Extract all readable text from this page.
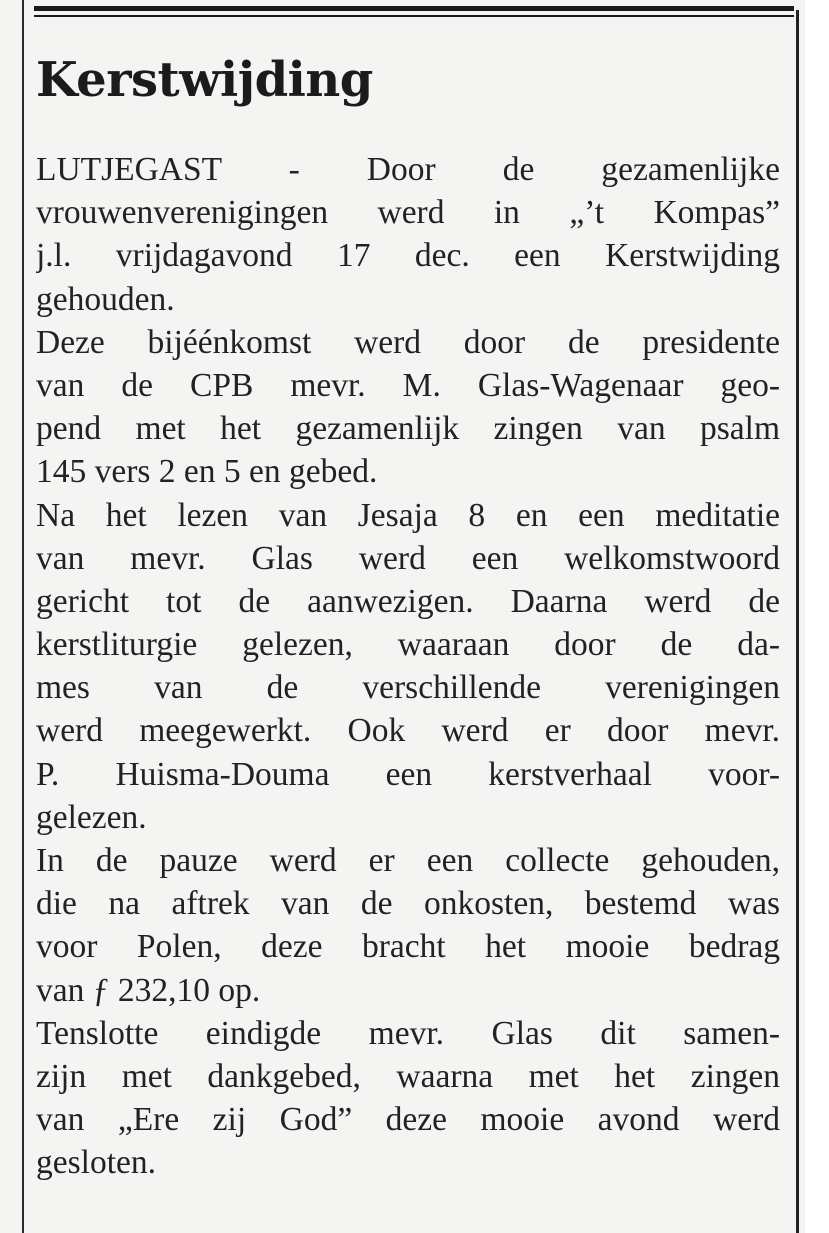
Kerstwijding
LUTJEGAST - Door de gezamenlijke
vrouwenverenigingen werd in „’t Kompas”
j.l. vrijdagavond 17 dec. een Kerstwijding
gehouden.
Deze bijéénkomst werd door de presidente
van de CPB mevr. M. Glas-Wagenaar geo-
pend met het gezamenlijk zingen van psalm
145 vers 2 en 5 en gebed.
Na het lezen van Jesaja 8 en een meditatie
van mevr. Glas werd een welkomstwoord
gericht tot de aanwezigen. Daarna werd de
kerstliturgie gelezen, waaraan door de da-
mes van de verschillende verenigingen
werd meegewerkt. Ook werd er door mevr.
P. Huisma-Douma een kerstverhaal voor-
gelezen.
In de pauze werd er een collecte gehouden,
die na aftrek van de onkosten, bestemd was
voor Polen, deze bracht het mooie bedrag
van ƒ 232,10 op.
Tenslotte eindigde mevr. Glas dit samen-
zijn met dankgebed, waarna met het zingen
van „Ere zij God” deze mooie avond werd
gesloten.
